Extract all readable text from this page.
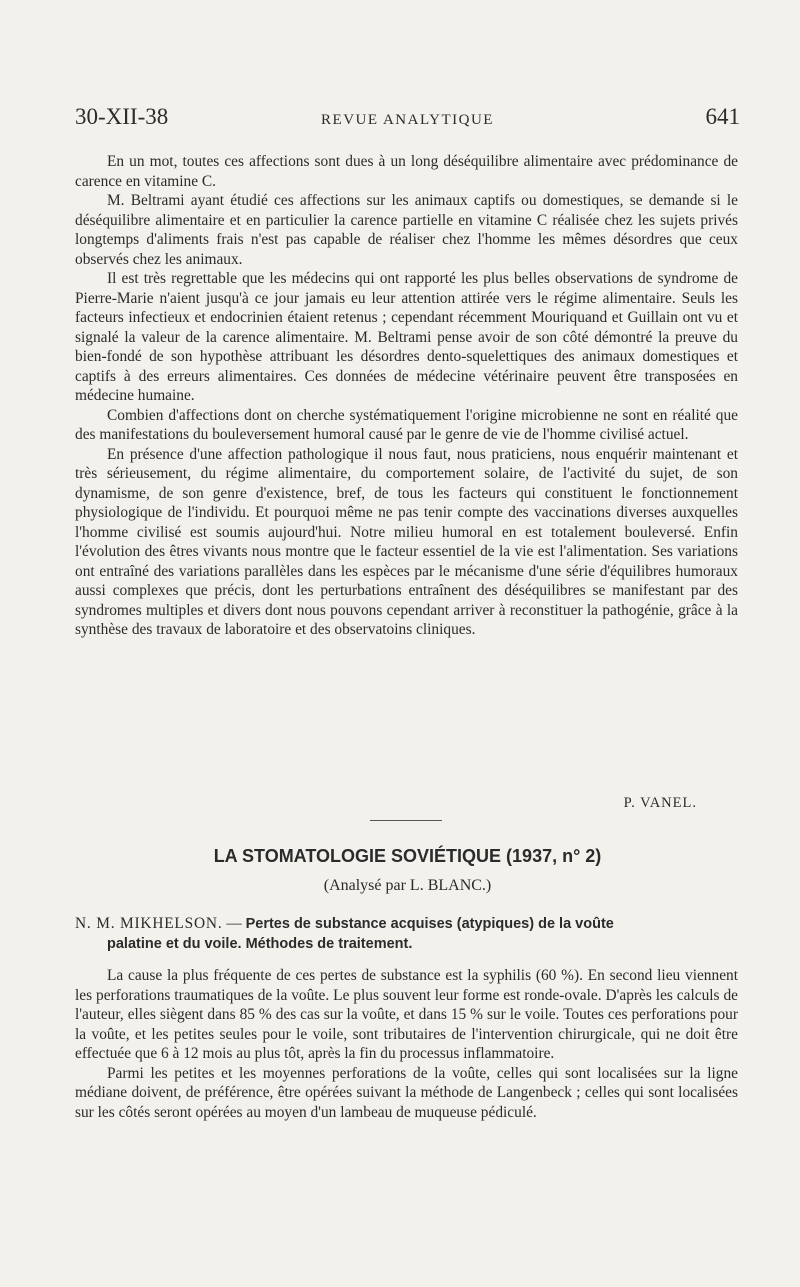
30-XII-38	REVUE ANALYTIQUE	641

En un mot, toutes ces affections sont dues à un long déséquilibre alimentaire avec prédominance de carence en vitamine C.

M. Beltrami ayant étudié ces affections sur les animaux captifs ou domestiques, se demande si le déséquilibre alimentaire et en particulier la carence partielle en vitamine C réalisée chez les sujets privés longtemps d'aliments frais n'est pas capable de réaliser chez l'homme les mêmes désordres que ceux observés chez les animaux.

Il est très regrettable que les médecins qui ont rapporté les plus belles observations de syndrome de Pierre-Marie n'aient jusqu'à ce jour jamais eu leur attention attirée vers le régime alimentaire. Seuls les facteurs infectieux et endocrinien étaient retenus ; cependant récemment Mouriquand et Guillain ont vu et signalé la valeur de la carence alimentaire. M. Beltrami pense avoir de son côté démontré la preuve du bien-fondé de son hypothèse attribuant les désordres dento-squelettiques des animaux domestiques et captifs à des erreurs alimentaires. Ces données de médecine vétérinaire peuvent être transposées en médecine humaine.

Combien d'affections dont on cherche systématiquement l'origine microbienne ne sont en réalité que des manifestations du bouleversement humoral causé par le genre de vie de l'homme civilisé actuel.

En présence d'une affection pathologique il nous faut, nous praticiens, nous enquérir maintenant et très sérieusement, du régime alimentaire, du comportement solaire, de l'activité du sujet, de son dynamisme, de son genre d'existence, bref, de tous les facteurs qui constituent le fonctionnement physiologique de l'individu. Et pourquoi même ne pas tenir compte des vaccinations diverses auxquelles l'homme civilisé est soumis aujourd'hui. Notre milieu humoral en est totalement bouleversé. Enfin l'évolution des êtres vivants nous montre que le facteur essentiel de la vie est l'alimentation. Ses variations ont entraîné des variations parallèles dans les espèces par le mécanisme d'une série d'équilibres humoraux aussi complexes que précis, dont les perturbations entraînent des déséquilibres se manifestant par des syndromes multiples et divers dont nous pouvons cependant arriver à reconstituer la pathogénie, grâce à la synthèse des travaux de laboratoire et des observatoins cliniques.

P. VANEL.
LA STOMATOLOGIE SOVIÉTIQUE (1937, n° 2)
(Analysé par L. BLANC.)
N. M. MIKHELSON. — Pertes de substance acquises (atypiques) de la voûte
palatine et du voile. Méthodes de traitement.

La cause la plus fréquente de ces pertes de substance est la syphilis (60 %). En second lieu viennent les perforations traumatiques de la voûte. Le plus souvent leur forme est ronde-ovale. D'après les calculs de l'auteur, elles siègent dans 85 % des cas sur la voûte, et dans 15 % sur le voile. Toutes ces perforations pour la voûte, et les petites seules pour le voile, sont tributaires de l'intervention chirurgicale, qui ne doit être effectuée que 6 à 12 mois au plus tôt, après la fin du processus inflammatoire.

Parmi les petites et les moyennes perforations de la voûte, celles qui sont localisées sur la ligne médiane doivent, de préférence, être opérées suivant la méthode de Langenbeck ; celles qui sont localisées sur les côtés seront opérées au moyen d'un lambeau de muqueuse pédiculé.
